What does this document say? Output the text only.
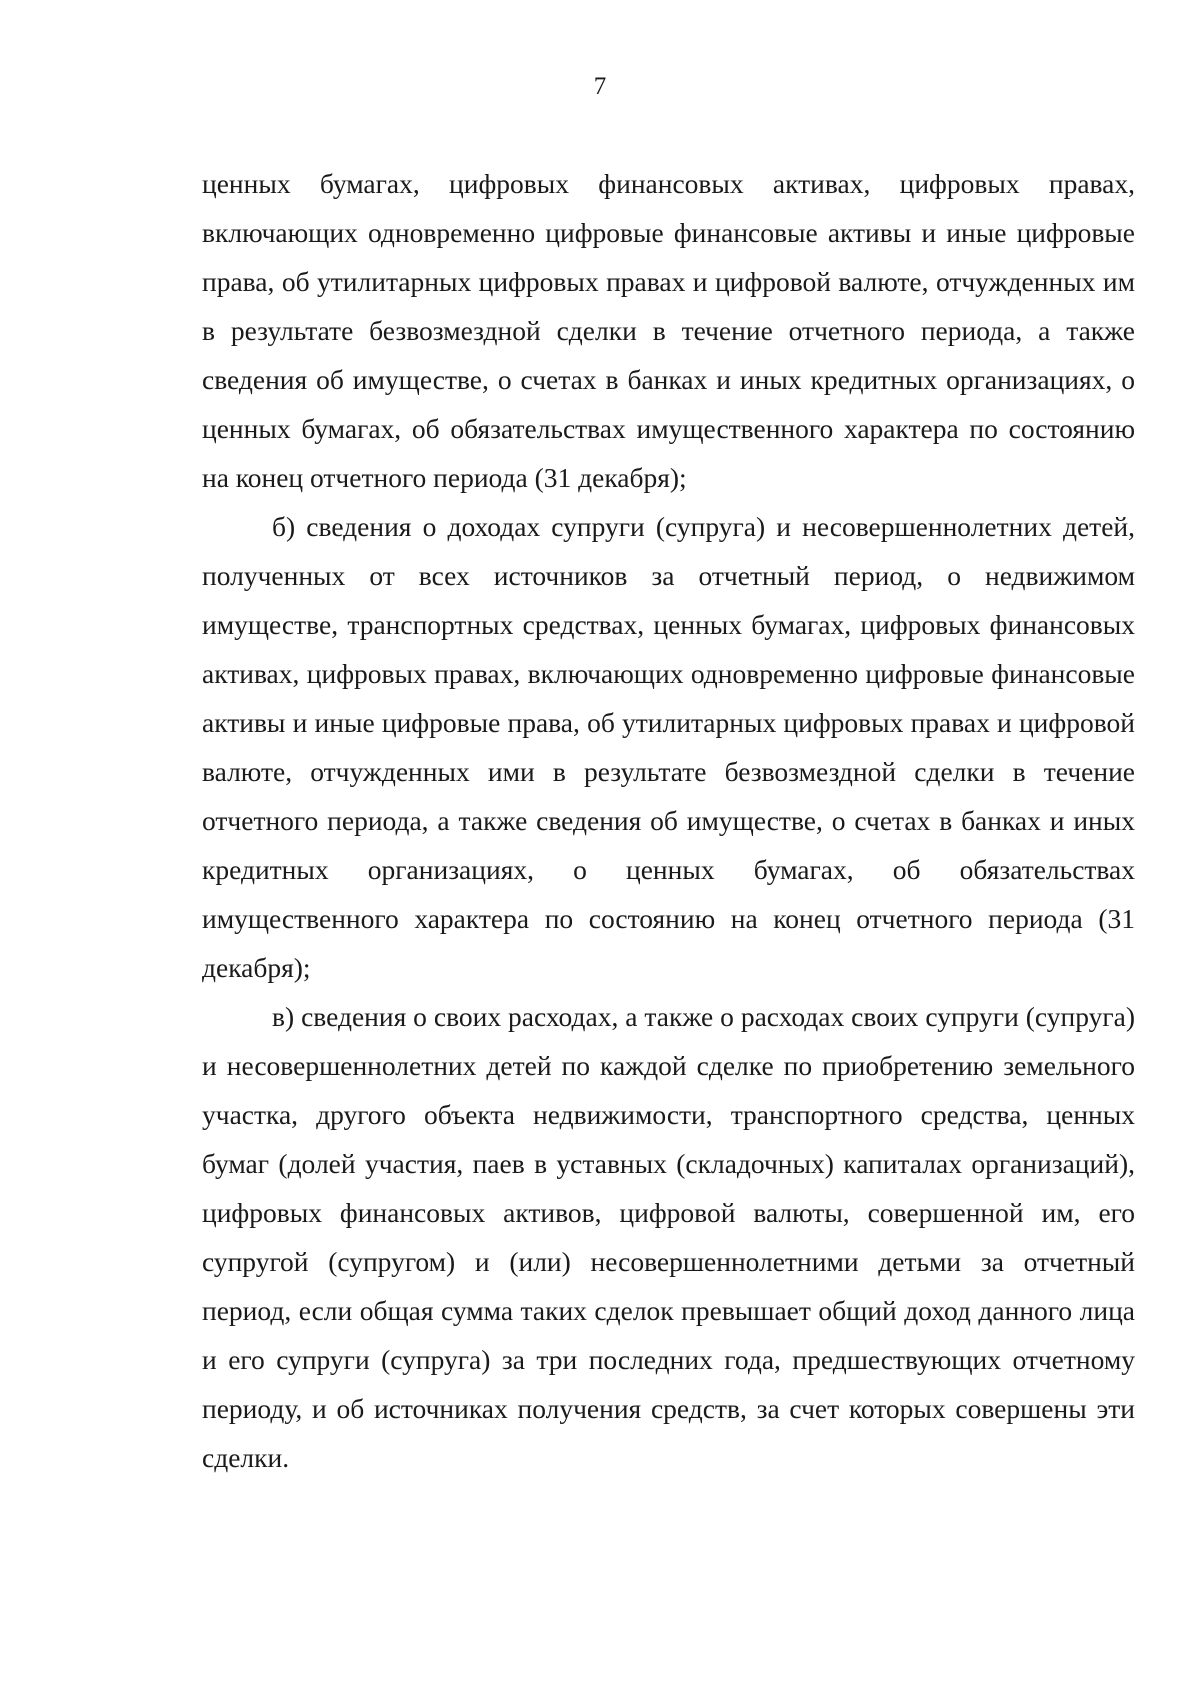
7

ценных бумагах, цифровых финансовых активах, цифровых правах, включающих одновременно цифровые финансовые активы и иные цифровые права, об утилитарных цифровых правах и цифровой валюте, отчужденных им в результате безвозмездной сделки в течение отчетного периода, а также сведения об имуществе, о счетах в банках и иных кредитных организациях, о ценных бумагах, об обязательствах имущественного характера по состоянию на конец отчетного периода (31 декабря);

б) сведения о доходах супруги (супруга) и несовершеннолетних детей, полученных от всех источников за отчетный период, о недвижимом имуществе, транспортных средствах, ценных бумагах, цифровых финансовых активах, цифровых правах, включающих одновременно цифровые финансовые активы и иные цифровые права, об утилитарных цифровых правах и цифровой валюте, отчужденных ими в результате безвозмездной сделки в течение отчетного периода, а также сведения об имуществе, о счетах в банках и иных кредитных организациях, о ценных бумагах, об обязательствах имущественного характера по состоянию на конец отчетного периода (31 декабря);

в) сведения о своих расходах, а также о расходах своих супруги (супруга) и несовершеннолетних детей по каждой сделке по приобретению земельного участка, другого объекта недвижимости, транспортного средства, ценных бумаг (долей участия, паев в уставных (складочных) капиталах организаций), цифровых финансовых активов, цифровой валюты, совершенной им, его супругой (супругом) и (или) несовершеннолетними детьми за отчетный период, если общая сумма таких сделок превышает общий доход данного лица и его супруги (супруга) за три последних года, предшествующих отчетному периоду, и об источниках получения средств, за счет которых совершены эти сделки.
